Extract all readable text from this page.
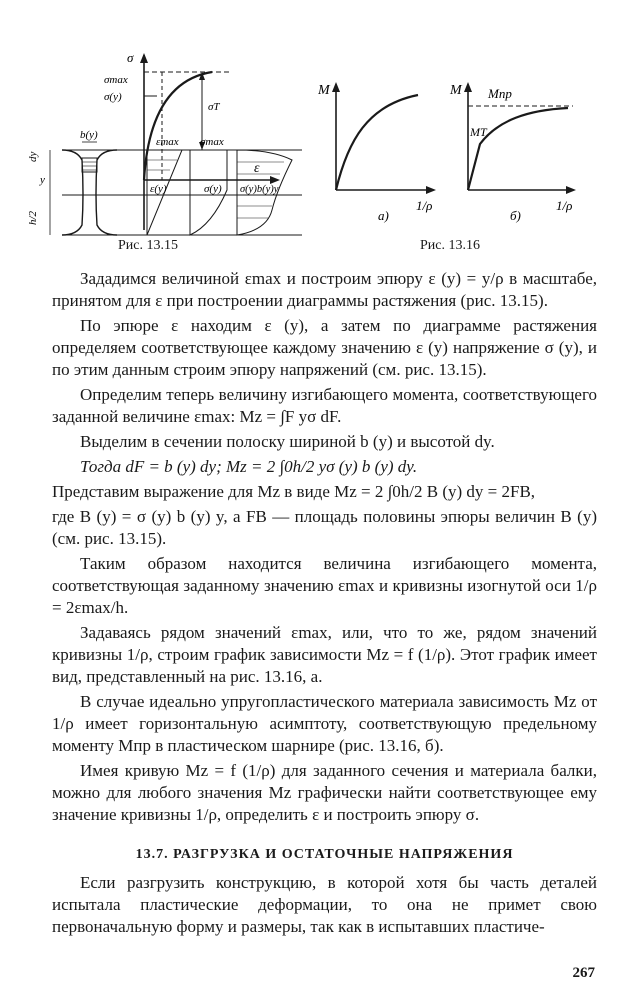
σ
σmax
σ(y)
σT
ε
b(y)
dy
y
h/2
εmax
ε(y)
σmax
σ(y) σ(y)b(y)y
Рис. 13.15
M
1/ρ
а)
M Mпр
MT
1/ρ
б)
Рис. 13.16

Зададимся величиной εmax и построим эпюру ε (y) = y/ρ в масштабе, принятом для ε при построении диаграммы растяжения (рис. 13.15).

По эпюре ε находим ε (y), а затем по диаграмме растяжения определяем соответствующее каждому значению ε (y) напряжение σ (y), и по этим данным строим эпюру напряжений (см. рис. 13.15).

Определим теперь величину изгибающего момента, соответствующего заданной величине εmax: Mz = ∫F yσ dF.

Выделим в сечении полоску шириной b (y) и высотой dy.

Тогда dF = b (y) dy; Mz = 2 ∫0h/2 yσ (y) b (y) dy.

Представим выражение для Mz в виде Mz = 2 ∫0h/2 B (y) dy = 2FB,

где B (y) = σ (y) b (y) y, а FB — площадь половины эпюры величин B (y) (см. рис. 13.15).

Таким образом находится величина изгибающего момента, соответствующая заданному значению εmax и кривизны изогнутой оси 1/ρ = 2εmax/h.

Задаваясь рядом значений εmax, или, что то же, рядом значений кривизны 1/ρ, строим график зависимости Mz = f (1/ρ). Этот график имеет вид, представленный на рис. 13.16, а.

В случае идеально упругопластического материала зависимость Mz от 1/ρ имеет горизонтальную асимптоту, соответствующую предельному моменту Mпр в пластическом шарнире (рис. 13.16, б).

Имея кривую Mz = f (1/ρ) для заданного сечения и материала балки, можно для любого значения Mz графически найти соответствующее ему значение кривизны 1/ρ, определить ε и построить эпюру σ.

13.7. РАЗГРУЗКА И ОСТАТОЧНЫЕ НАПРЯЖЕНИЯ

Если разгрузить конструкцию, в которой хотя бы часть деталей испытала пластические деформации, то она не примет свою первоначальную форму и размеры, так как в испытавших пластиче-

267
